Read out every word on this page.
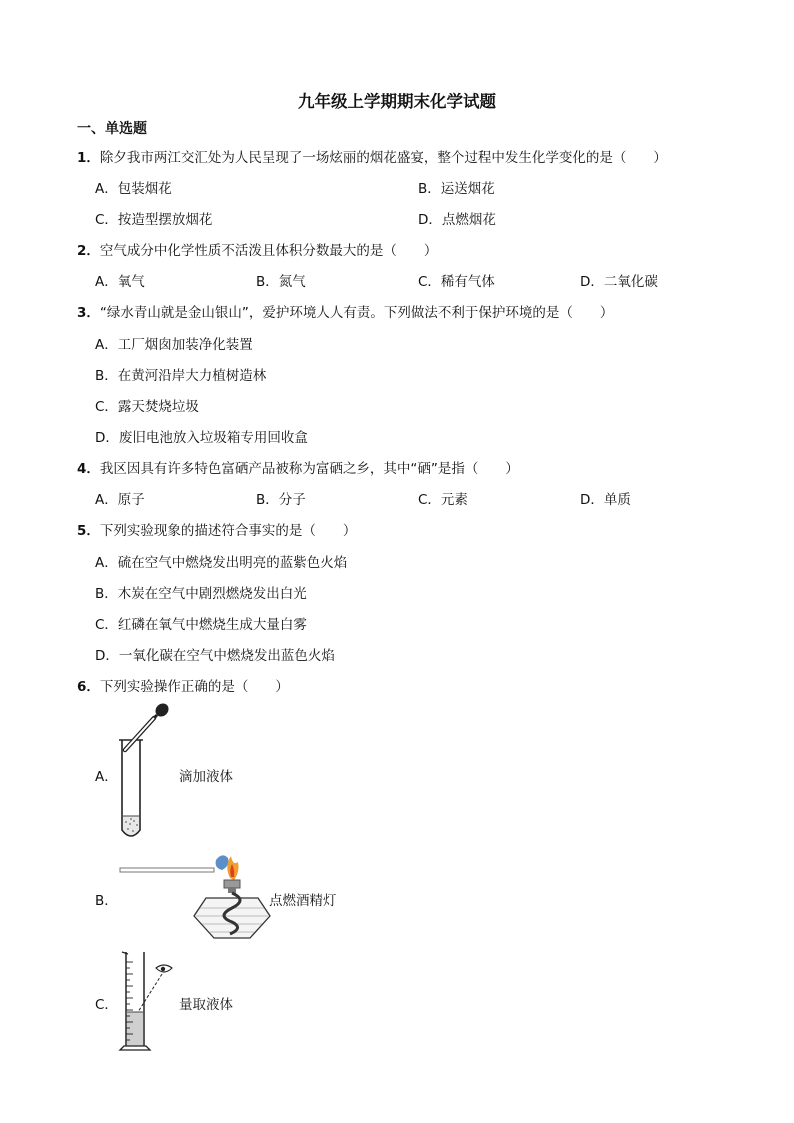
九年级上学期期末化学试题
一、单选题
1．除夕我市两江交汇处为人民呈现了一场炫丽的烟花盛宴，整个过程中发生化学变化的是（　　）
A．包装烟花	B．运送烟花
C．按造型摆放烟花	D．点燃烟花
2．空气成分中化学性质不活泼且体积分数最大的是（　　）
A．氧气	B．氮气	C．稀有气体	D．二氧化碳
3．“绿水青山就是金山银山”，爱护环境人人有责。下列做法不利于保护环境的是（　　）
A．工厂烟囱加装净化装置
B．在黄河沿岸大力植树造林
C．露天焚烧垃圾
D．废旧电池放入垃圾箱专用回收盒
4．我区因具有许多特色富硒产品被称为富硒之乡，其中“硒”是指（　　）
A．原子	B．分子	C．元素	D．单质
5．下列实验现象的描述符合事实的是（　　）
A．硫在空气中燃烧发出明亮的蓝紫色火焰
B．木炭在空气中剧烈燃烧发出白光
C．红磷在氧气中燃烧生成大量白雾
D．一氧化碳在空气中燃烧发出蓝色火焰
6．下列实验操作正确的是（　　）
A．	滴加液体
B．	点燃酒精灯
C．	量取液体
